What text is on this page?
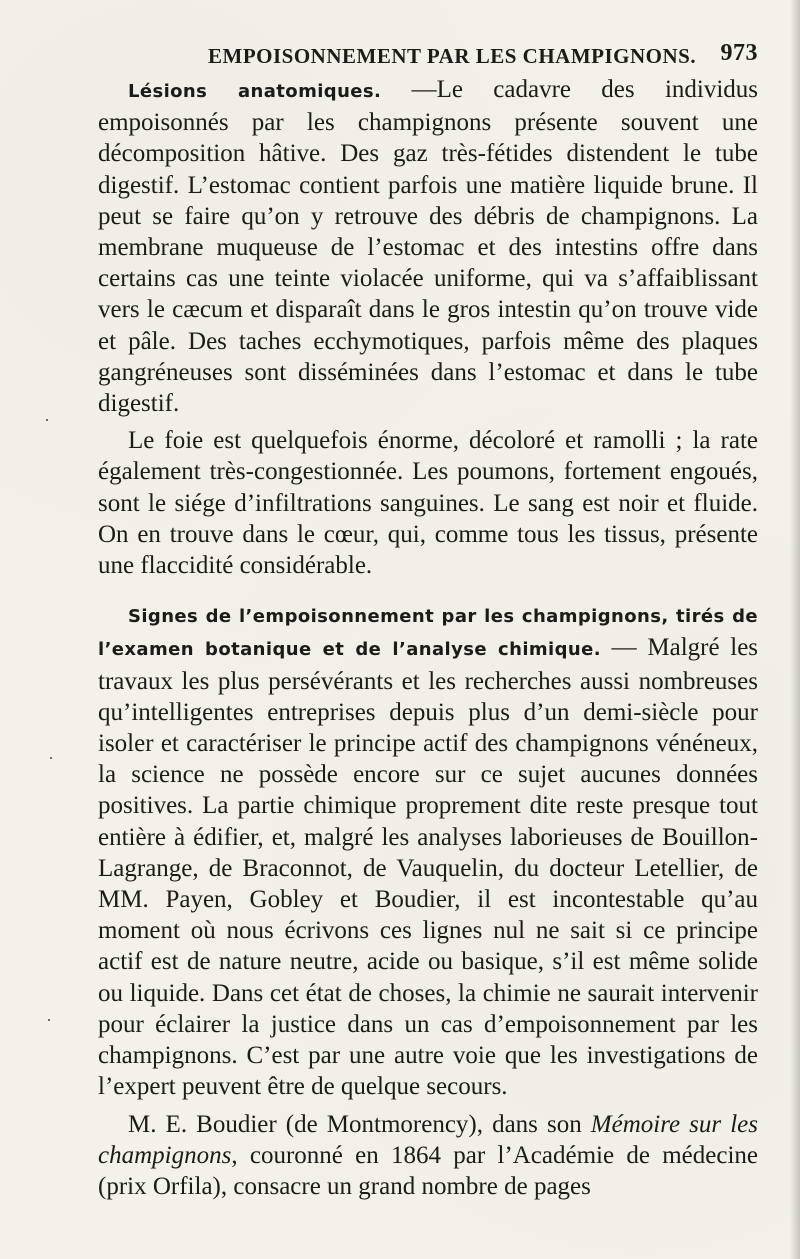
EMPOISONNEMENT PAR LES CHAMPIGNONS. 973

Lésions anatomiques. —Le cadavre des individus empoisonnés par les champignons présente souvent une décomposition hâtive. Des gaz très-fétides distendent le tube digestif. L’estomac contient parfois une matière liquide brune. Il peut se faire qu’on y retrouve des débris de champignons. La membrane muqueuse de l’estomac et des intestins offre dans certains cas une teinte violacée uniforme, qui va s’affaiblissant vers le cæcum et disparaît dans le gros intestin qu’on trouve vide et pâle. Des taches ecchymotiques, parfois même des plaques gangréneuses sont disséminées dans l’estomac et dans le tube digestif.

Le foie est quelquefois énorme, décoloré et ramolli ; la rate également très-congestionnée. Les poumons, fortement engoués, sont le siége d’infiltrations sanguines. Le sang est noir et fluide. On en trouve dans le cœur, qui, comme tous les tissus, présente une flaccidité considérable.

Signes de l’empoisonnement par les champignons, tirés de l’examen botanique et de l’analyse chimique. — Malgré les travaux les plus persévérants et les recherches aussi nombreuses qu’intelligentes entreprises depuis plus d’un demi-siècle pour isoler et caractériser le principe actif des champignons vénéneux, la science ne possède encore sur ce sujet aucunes données positives. La partie chimique proprement dite reste presque tout entière à édifier, et, malgré les analyses laborieuses de Bouillon-Lagrange, de Braconnot, de Vauquelin, du docteur Letellier, de MM. Payen, Gobley et Boudier, il est incontestable qu’au moment où nous écrivons ces lignes nul ne sait si ce principe actif est de nature neutre, acide ou basique, s’il est même solide ou liquide. Dans cet état de choses, la chimie ne saurait intervenir pour éclairer la justice dans un cas d’empoisonnement par les champignons. C’est par une autre voie que les investigations de l’expert peuvent être de quelque secours.

M. E. Boudier (de Montmorency), dans son Mémoire sur les champignons, couronné en 1864 par l’Académie de médecine (prix Orfila), consacre un grand nombre de pages

·
·
·
